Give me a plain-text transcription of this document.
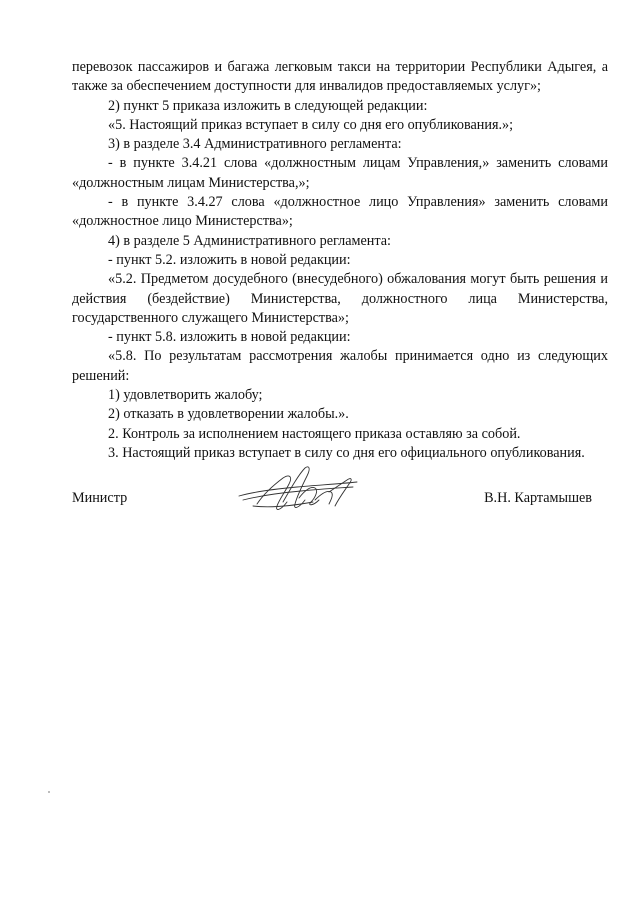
перевозок пассажиров и багажа легковым такси на территории Республики Адыгея, а также за обеспечением доступности для инвалидов предоставляемых услуг»;

2) пункт 5 приказа изложить в следующей редакции:

«5. Настоящий приказ вступает в силу со дня его опубликования.»;

3) в разделе 3.4 Административного регламента:

- в пункте 3.4.21 слова «должностным лицам Управления,» заменить словами «должностным лицам Министерства,»;

- в пункте 3.4.27 слова «должностное лицо Управления» заменить словами «должностное лицо Министерства»;

4) в разделе 5 Административного регламента:

- пункт 5.2. изложить в новой редакции:

«5.2. Предметом досудебного (внесудебного) обжалования могут быть решения и действия (бездействие) Министерства, должностного лица Министерства, государственного служащего Министерства»;

- пункт 5.8. изложить в новой редакции:

«5.8. По результатам рассмотрения жалобы принимается одно из следующих решений:

1) удовлетворить жалобу;

2) отказать в удовлетворении жалобы.».

2. Контроль за исполнением настоящего приказа оставляю за собой.

3. Настоящий приказ вступает в силу со дня его официального опубликования.

Министр	В.Н. Картамышев
